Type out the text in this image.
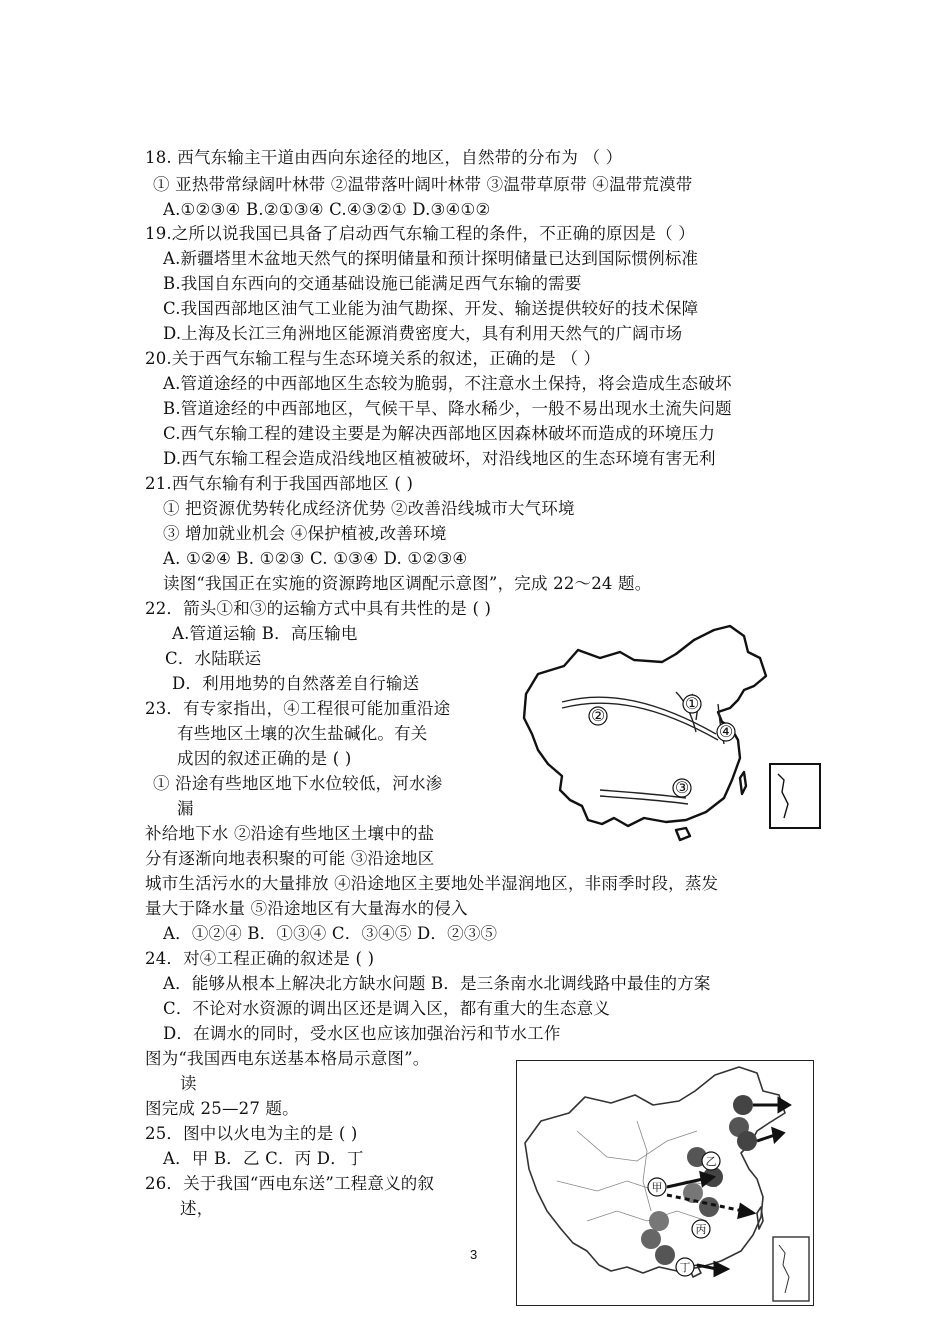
18. 西气东输主干道由西向东途径的地区，自然带的分布为 （ ）
① 亚热带常绿阔叶林带 ②温带落叶阔叶林带 ③温带草原带 ④温带荒漠带
A.①②③④ B.②①③④ C.④③②① D.③④①②
19.之所以说我国已具备了启动西气东输工程的条件，不正确的原因是（ ）
A.新疆塔里木盆地天然气的探明储量和预计探明储量已达到国际惯例标准
B.我国自东西向的交通基础设施已能满足西气东输的需要
C.我国西部地区油气工业能为油气勘探、开发、输送提供较好的技术保障
D.上海及长江三角洲地区能源消费密度大，具有利用天然气的广阔市场
20.关于西气东输工程与生态环境关系的叙述，正确的是 （ ）
A.管道途经的中西部地区生态较为脆弱，不注意水土保持，将会造成生态破坏
B.管道途经的中西部地区，气候干旱、降水稀少，一般不易出现水土流失问题
C.西气东输工程的建设主要是为解决西部地区因森林破坏而造成的环境压力
D.西气东输工程会造成沿线地区植被破坏，对沿线地区的生态环境有害无利
21.西气东输有利于我国西部地区 ( )
① 把资源优势转化成经济优势 ②改善沿线城市大气环境
③ 增加就业机会 ④保护植被,改善环境
A. ①②④ B. ①②③ C. ①③④ D. ①②③④
读图“我国正在实施的资源跨地区调配示意图”，完成 22～24 题。
22．箭头①和③的运输方式中具有共性的是 ( )
A.管道运输 B．高压输电
C．水陆联运
D．利用地势的自然落差自行输送
23．有专家指出，④工程很可能加重沿途
有些地区土壤的次生盐碱化。有关
成因的叙述正确的是 ( )
① 沿途有些地区地下水位较低，河水渗
漏
补给地下水 ②沿途有些地区土壤中的盐
分有逐渐向地表积聚的可能 ③沿途地区
城市生活污水的大量排放 ④沿途地区主要地处半湿润地区，非雨季时段，蒸发
量大于降水量 ⑤沿途地区有大量海水的侵入
A．①②④ B．①③④ C．③④⑤ D．②③⑤
24．对④工程正确的叙述是 ( )
A．能够从根本上解决北方缺水问题 B．是三条南水北调线路中最佳的方案
C．不论对水资源的调出区还是调入区，都有重大的生态意义
D．在调水的同时，受水区也应该加强治污和节水工作
图为“我国西电东送基本格局示意图”。
读
图完成 25—27 题。
25．图中以火电为主的是 ( )
A．甲 B．乙 C．丙 D．丁
26．关于我国“西电东送”工程意义的叙
述，
①
②
③
④
甲
乙
丙
丁
3
